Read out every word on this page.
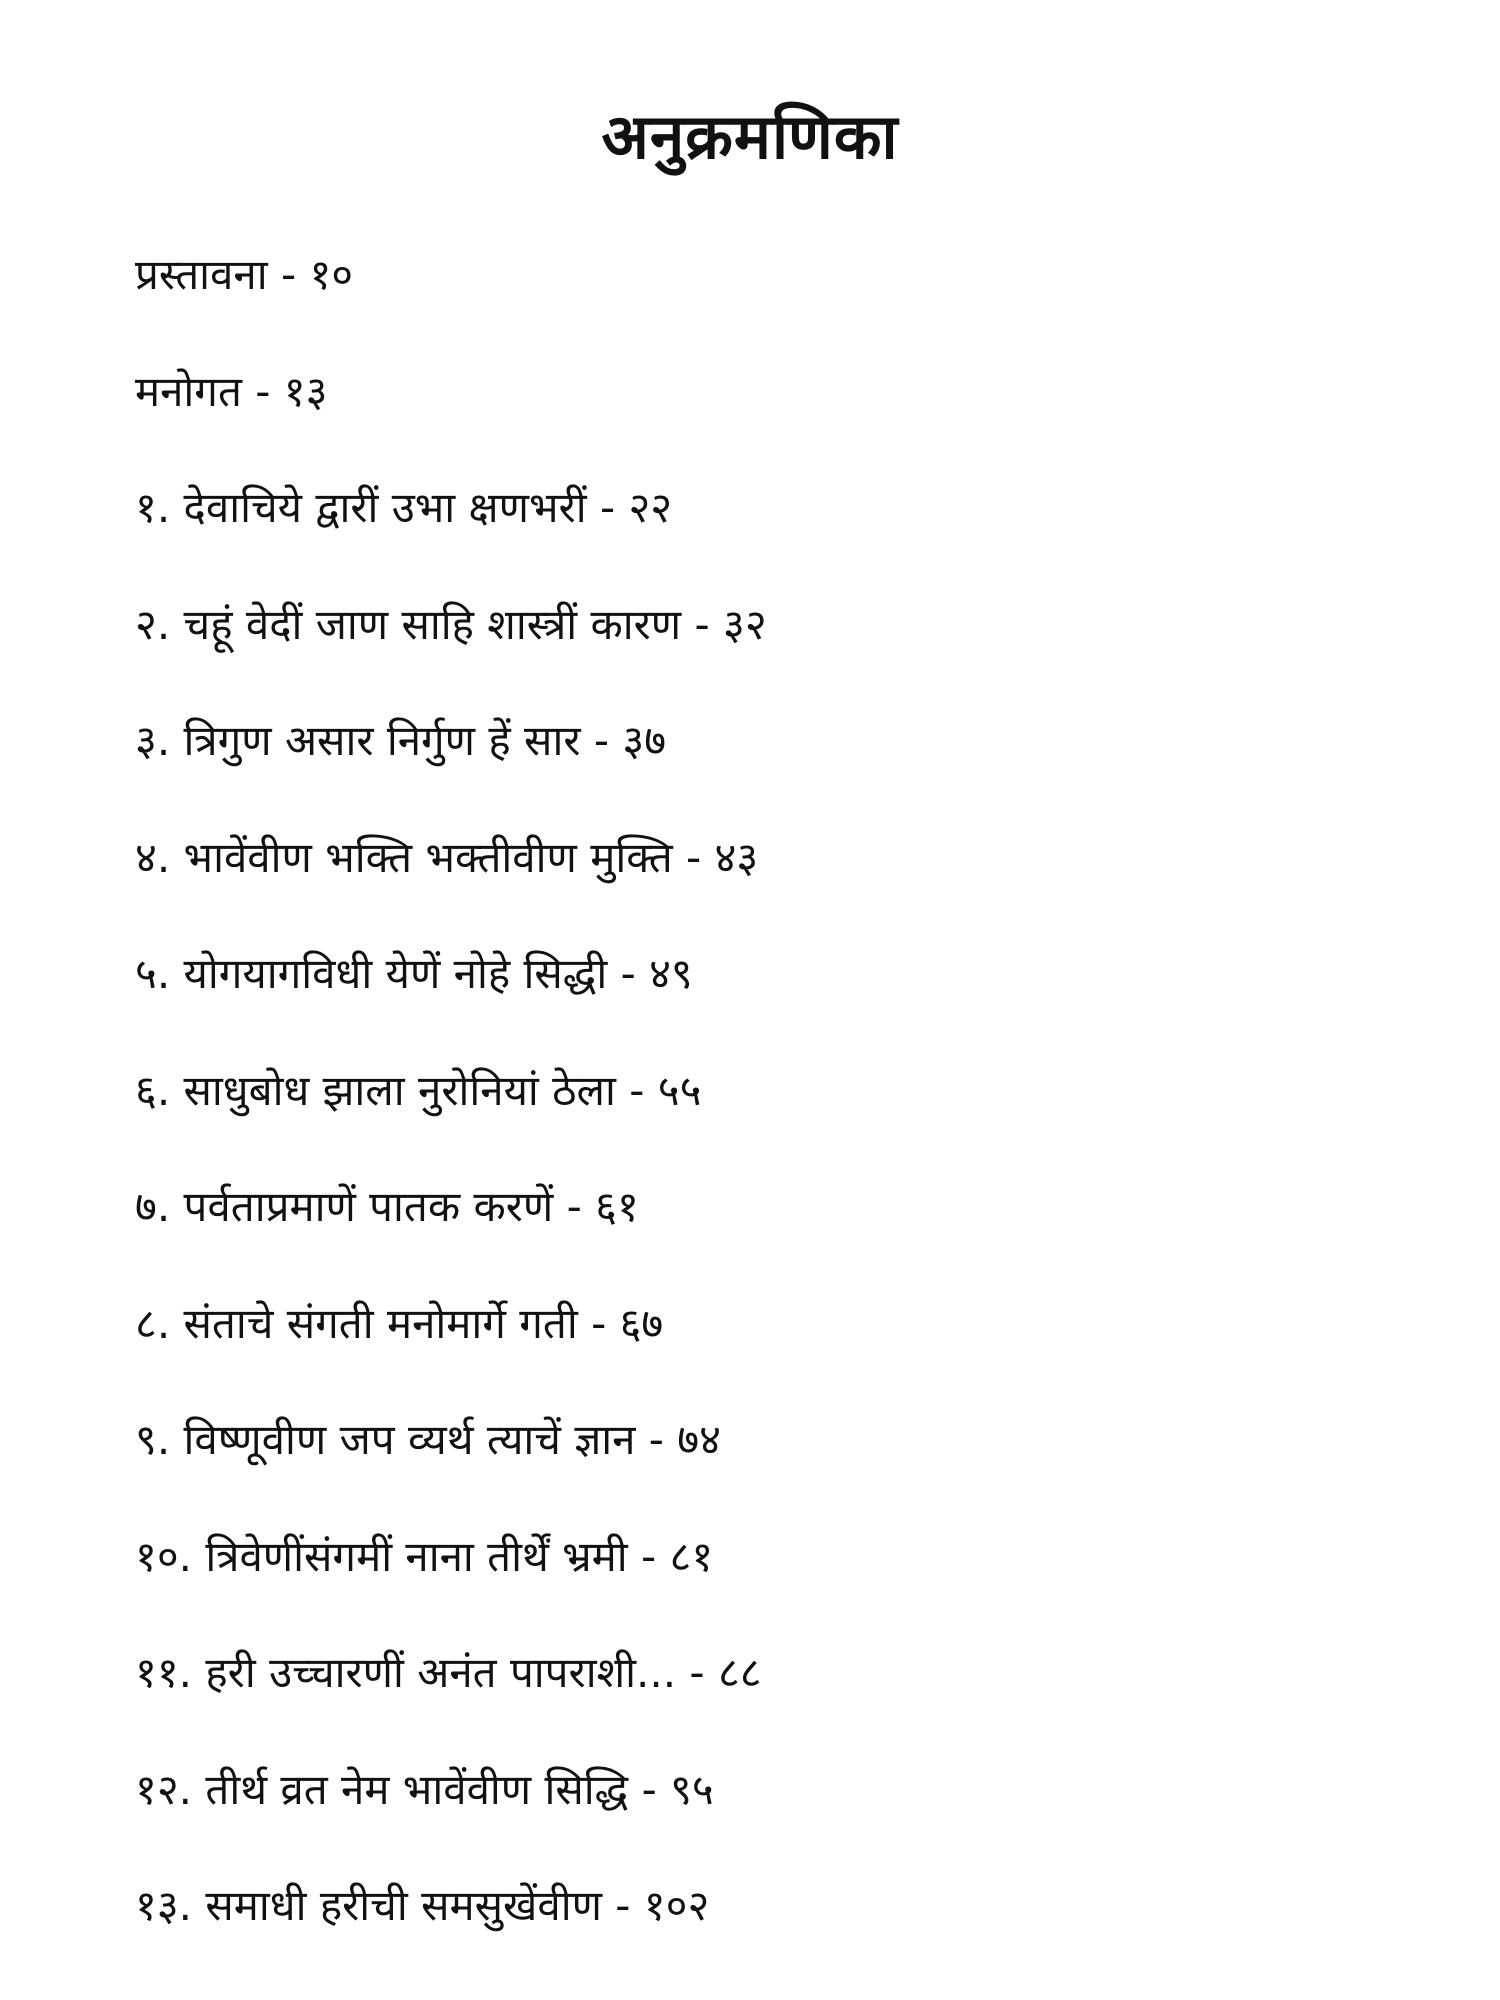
अनुक्रमणिका
प्रस्तावना - १०
मनोगत - १३
१. देवाचिये द्वारीं उभा क्षणभरीं - २२
२. चहूं वेदीं जाण साहि शास्त्रीं कारण - ३२
३. त्रिगुण असार निर्गुण हें सार - ३७
४. भावेंवीण भक्ति भक्तीवीण मुक्ति - ४३
५. योगयागविधी येणें नोहे सिद्धी - ४९
६. साधुबोध झाला नुरोनियां ठेला - ५५
७. पर्वताप्रमाणें पातक करणें - ६१
८. संताचे संगती मनोमार्गे गती - ६७
९. विष्णूवीण जप व्यर्थ त्याचें ज्ञान - ७४
१०. त्रिवेणींसंगमीं नाना तीर्थें भ्रमी - ८१
११. हरी उच्चारणीं अनंत पापराशी... - ८८
१२. तीर्थ व्रत नेम भावेंवीण सिद्धि - ९५
१३. समाधी हरीची समसुखेंवीण - १०२
